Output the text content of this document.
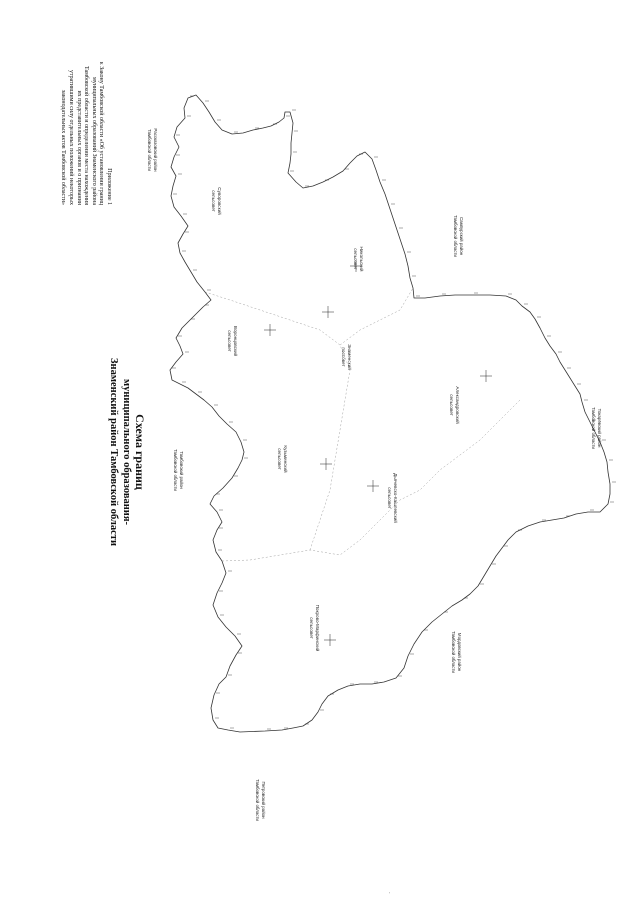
Приложение 1
к Закону Тамбовской области «Об установлении границ
муниципальных образований Знаменского района
Тамбовской области и определении места нахождения
их представительных органов и о признании
утратившими силу отдельных положений некоторых
законодательных актов Тамбовской области»
Схема границ
муниципального образования-
Знаменский район Тамбовской области
Покрово-Марфинский
сельсовет
Кузьминский
сельсовет
Воронцовский
сельсовет
Суворовский
сельсовет
Знаменский
поссовет
Никольский
сельсовет
Дьячевско-Кашлевский
сельсовет
Александровский
сельсовет
Петровский район
Тамбовской области
Тамбовский район
Тамбовской области
Рассказовский район
Тамбовской области
Сампурский район
Тамбовской области
Токарёвский район
Тамбовской области
Мордовский район
Тамбовской области
·
